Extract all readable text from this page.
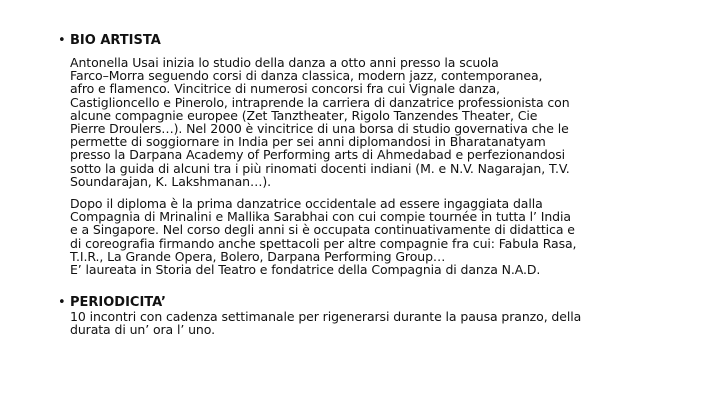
• BIO ARTISTA
Antonella Usai inizia lo studio della danza a otto anni presso la scuola
Farco–Morra seguendo corsi di danza classica, modern jazz, contemporanea,
afro e flamenco. Vincitrice di numerosi concorsi fra cui Vignale danza,
Castiglioncello e Pinerolo, intraprende la carriera di danzatrice professionista con
alcune compagnie europee (Zet Tanztheater, Rigolo Tanzendes Theater, Cie
Pierre Droulers…). Nel 2000 è vincitrice di una borsa di studio governativa che le
permette di soggiornare in India per sei anni diplomandosi in Bharatanatyam
presso la Darpana Academy of Performing arts di Ahmedabad e perfezionandosi
sotto la guida di alcuni tra i più rinomati docenti indiani (M. e N.V. Nagarajan, T.V.
Soundarajan, K. Lakshmanan…).
Dopo il diploma è la prima danzatrice occidentale ad essere ingaggiata dalla
Compagnia di Mrinalini e Mallika Sarabhai con cui compie tournée in tutta l’ India
e a Singapore. Nel corso degli anni si è occupata continuativamente di didattica e
di coreografia firmando anche spettacoli per altre compagnie fra cui: Fabula Rasa,
T.I.R., La Grande Opera, Bolero, Darpana Performing Group…
E’ laureata in Storia del Teatro e fondatrice della Compagnia di danza N.A.D.
• PERIODICITA’
10 incontri con cadenza settimanale per rigenerarsi durante la pausa pranzo, della
durata di un’ ora l’ uno.
